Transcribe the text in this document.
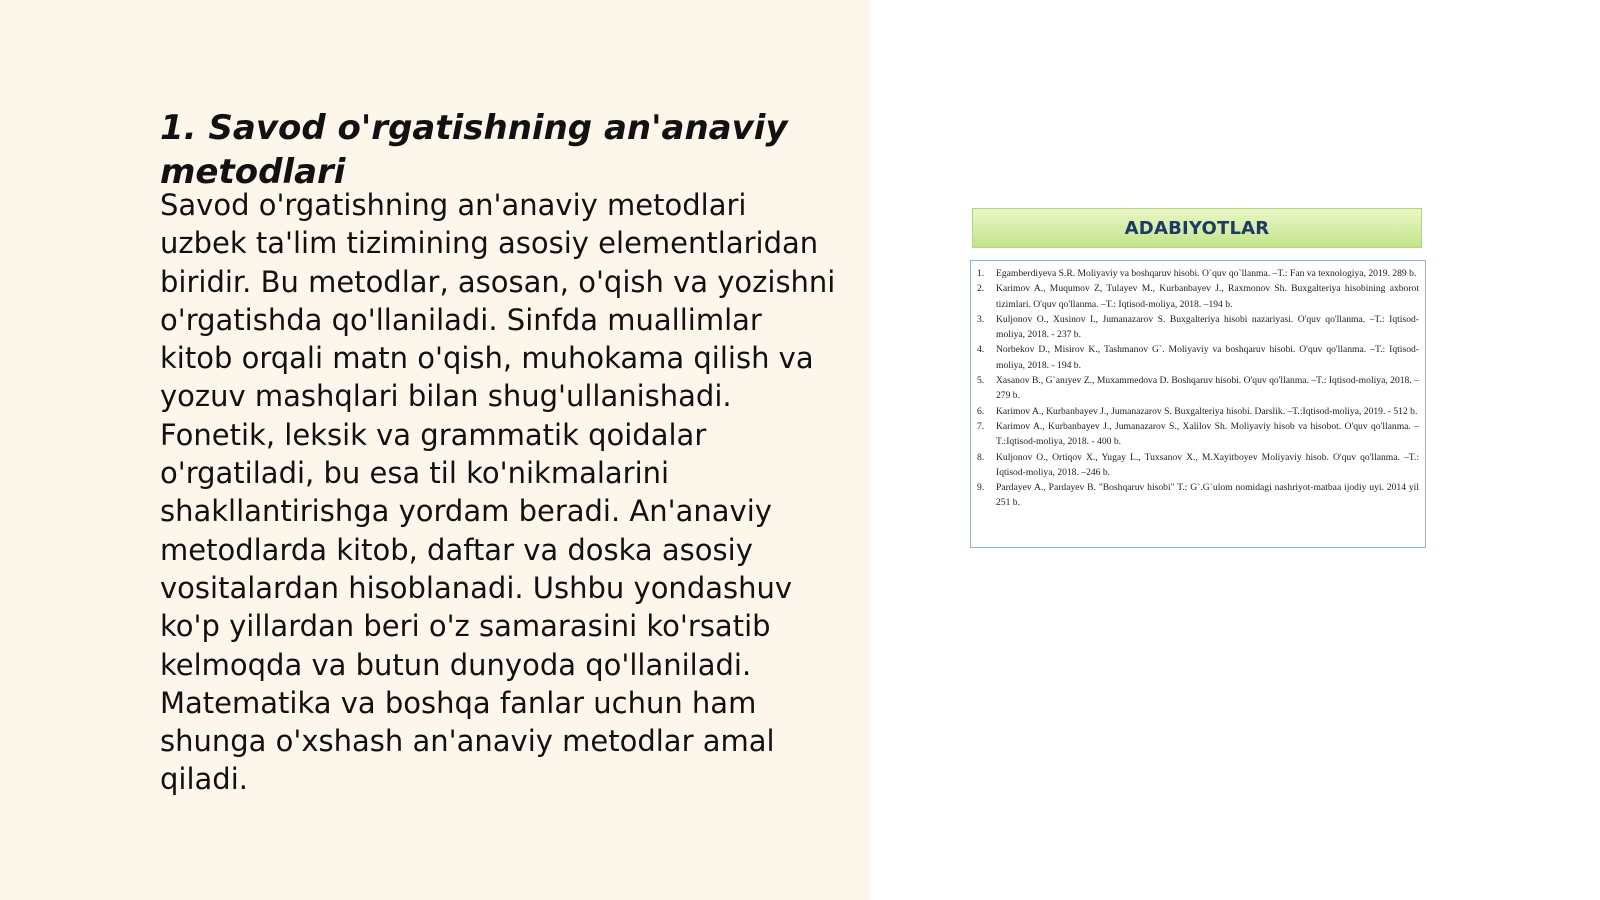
1. Savod o'rgatishning an'anaviy metodlari

Savod o'rgatishning an'anaviy metodlari uzbek ta'lim tizimining asosiy elementlaridan biridir. Bu metodlar, asosan, o'qish va yozishni o'rgatishda qo'llaniladi. Sinfda muallimlar kitob orqali matn o'qish, muhokama qilish va yozuv mashqlari bilan shug'ullanishadi. Fonetik, leksik va grammatik qoidalar o'rgatiladi, bu esa til ko'nikmalarini shakllantirishga yordam beradi. An'anaviy metodlarda kitob, daftar va doska asosiy vositalardan hisoblanadi. Ushbu yondashuv ko'p yillardan beri o'z samarasini ko'rsatib kelmoqda va butun dunyoda qo'llaniladi. Matematika va boshqa fanlar uchun ham shunga o'xshash an'anaviy metodlar amal qiladi.

ADABIYOTLAR
1.	Egamberdiyeva S.R. Moliyaviy va boshqaruv hisobi. O`quv qo`llanma. –T.: Fan va texnologiya, 2019. 289 b.
2.	Karimov A., Muqumov Z, Tulayev M., Kurbanbayev J., Raxmonov Sh. Buxgalteriya hisobining axborot tizimlari. O'quv qo'llanma. –T.: Iqtisod-moliya, 2018. –194 b.
3.	Kuljonov O., Xusinov I., Jumanazarov S. Buxgalteriya hisobi nazariyasi. O'quv qo'llanma. –T.: Iqtisod-moliya, 2018. - 237 b.
4.	Norbekov D., Misirov K., Tashmanov G`. Moliyaviy va boshqaruv hisobi. O'quv qo'llanma. –T.: Iqtisod-moliya, 2018. - 194 b.
5.	Xasanov B., G`anıyev Z., Muxammedova D. Boshqaruv hisobi. O'quv qo'llanma. –T.: Iqtisod-moliya, 2018. –279 b.
6.	Karimov A., Kurbanbayev J., Jumanazarov S. Buxgalteriya hisobi. Darslik. –T.:Iqtisod-moliya, 2019. - 512 b.
7.	Karimov A., Kurbanbayev J., Jumanazarov S., Xalilov Sh. Moliyaviy hisob va hisobot. O'quv qo'llanma. –T.:Iqtisod-moliya, 2018. - 400 b.
8.	Kuljonov O., Ortiqov X., Yugay L., Tuxsanov X., M.Xayitboyev Moliyaviy hisob. O'quv qo'llanma. –T.: Iqtisod-moliya, 2018. –246 b.
9.	Pardayev A., Pardayev B. "Boshqaruv hisobi" T.: G`.G`ulom nomidagi nashriyot-matbaa ijodiy uyi. 2014 yil 251 b.
